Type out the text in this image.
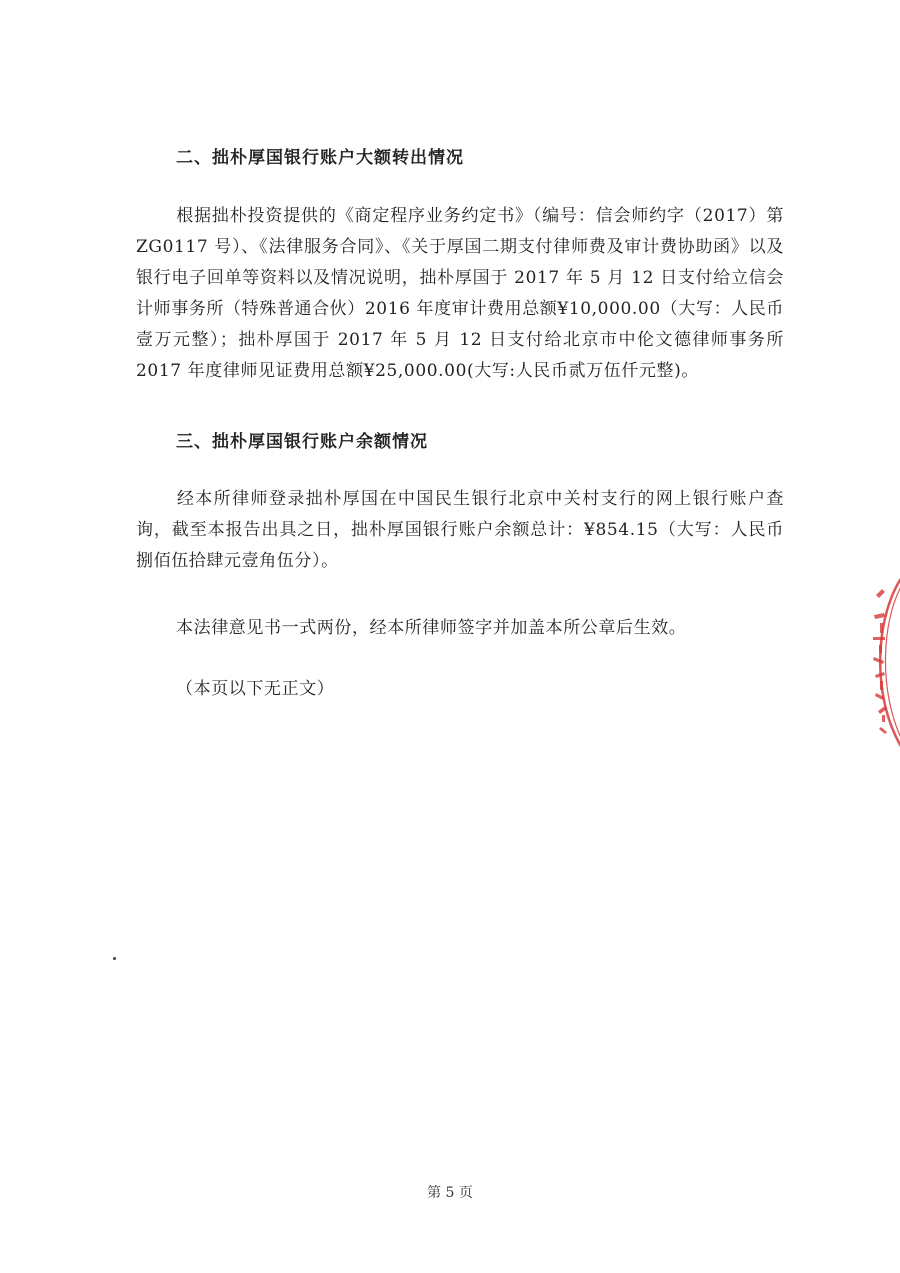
二、拙朴厚国银行账户大额转出情况
根据拙朴投资提供的《商定程序业务约定书》（编号：信会师约字（2017）第 ZG0117 号）、《法律服务合同》、《关于厚国二期支付律师费及审计费协助函》以及银行电子回单等资料以及情况说明，拙朴厚国于 2017 年 5 月 12 日支付给立信会计师事务所（特殊普通合伙）2016 年度审计费用总额¥10,000.00（大写：人民币壹万元整）；拙朴厚国于 2017 年 5 月 12 日支付给北京市中伦文德律师事务所 2017 年度律师见证费用总额¥25,000.00(大写:人民币贰万伍仟元整)。
三、拙朴厚国银行账户余额情况
经本所律师登录拙朴厚国在中国民生银行北京中关村支行的网上银行账户查询，截至本报告出具之日，拙朴厚国银行账户余额总计：¥854.15（大写：人民币捌佰伍拾肆元壹角伍分）。
本法律意见书一式两份，经本所律师签字并加盖本所公章后生效。
（本页以下无正文）
第 5 页
